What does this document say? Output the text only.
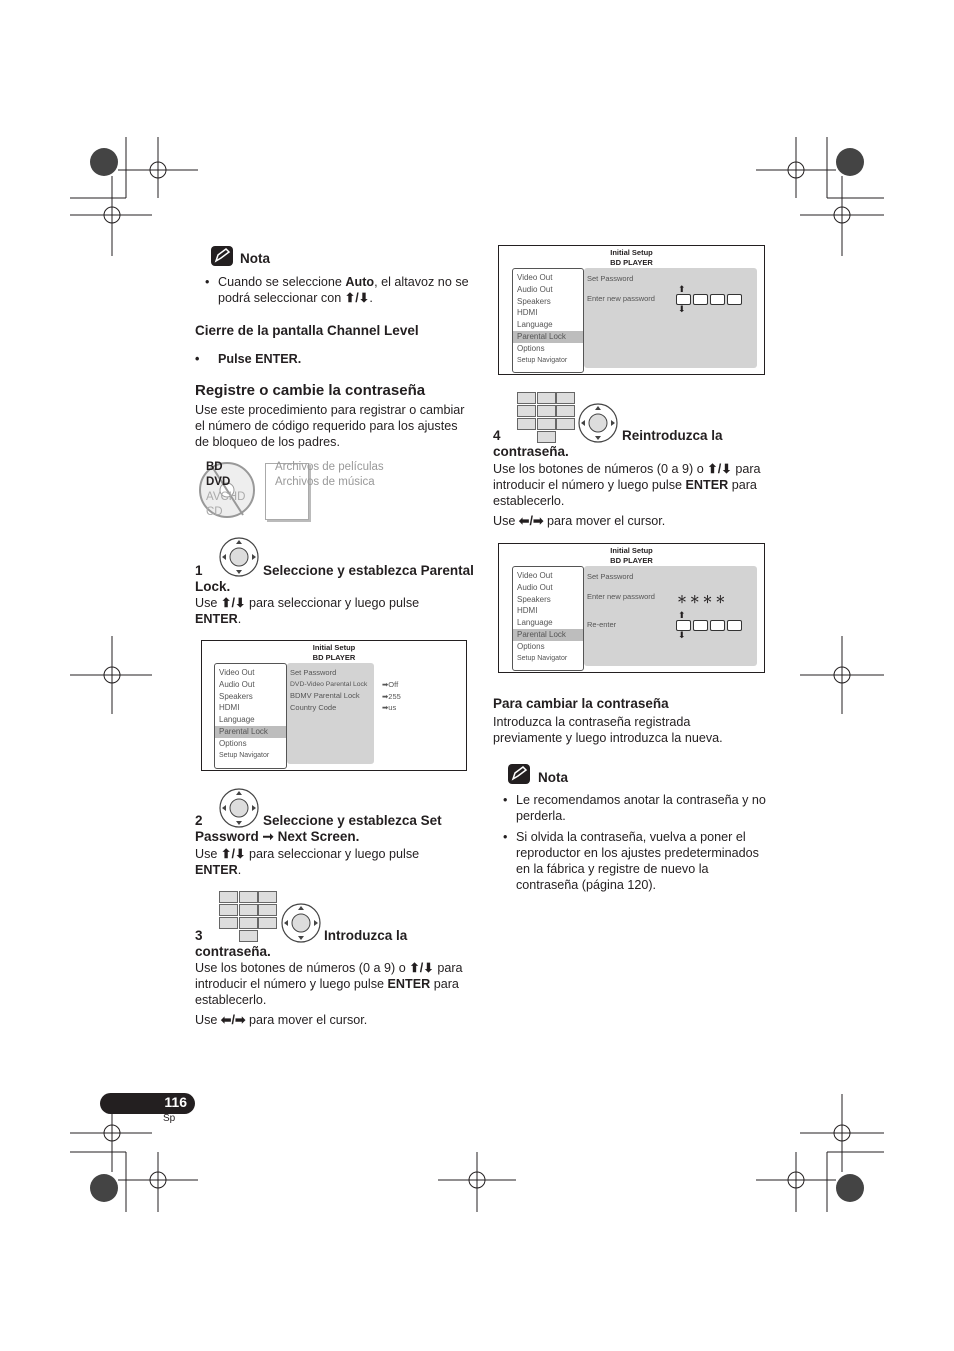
Nota
• Cuando se seleccione Auto, el altavoz no se podrá seleccionar con ⬆/⬇.
Cierre de la pantalla Channel Level
• Pulse ENTER.
Registre o cambie la contraseña
Use este procedimiento para registrar o cambiar el número de código requerido para los ajustes de bloqueo de los padres.
BD
DVD
AVCHD
CD
Archivos de películas
Archivos de música
1	Seleccione y establezca Parental
Lock.
Use ⬆/⬇ para seleccionar y luego pulse
ENTER.
Initial Setup
BD PLAYER
Video Out
Audio Out
Speakers
HDMI
Language
Parental Lock
Options
Setup Navigator
Set Password
DVD-Video Parental Lock
BDMV Parental Lock
Country Code
➡Off
➡255
➡us
2	Seleccione y establezca Set
Password ➞ Next Screen.
Use ⬆/⬇ para seleccionar y luego pulse
ENTER.
3	Introduzca la
contraseña.
Use los botones de números (0 a 9) o ⬆/⬇ para
introducir el número y luego pulse ENTER para
establecerlo.
Use ⬅/➡ para mover el cursor.
116
Sp
Initial Setup
BD PLAYER
Video Out
Audio Out
Speakers
HDMI
Language
Parental Lock
Options
Setup Navigator
Set Password
Enter new password
⬆
⬇
4	Reintroduzca la
contraseña.
Use los botones de números (0 a 9) o ⬆/⬇ para
introducir el número y luego pulse ENTER para
establecerlo.
Use ⬅/➡ para mover el cursor.
Initial Setup
BD PLAYER
Video Out
Audio Out
Speakers
HDMI
Language
Parental Lock
Options
Setup Navigator
Set Password
Enter new password
Re-enter
＊ ＊ ＊ ＊
⬆
⬇
Para cambiar la contraseña
Introduzca la contraseña registrada previamente y luego introduzca la nueva.
Nota
• Le recomendamos anotar la contraseña y no perderla.
• Si olvida la contraseña, vuelva a poner el reproductor en los ajustes predeterminados en la fábrica y registre de nuevo la contraseña (página 120).
